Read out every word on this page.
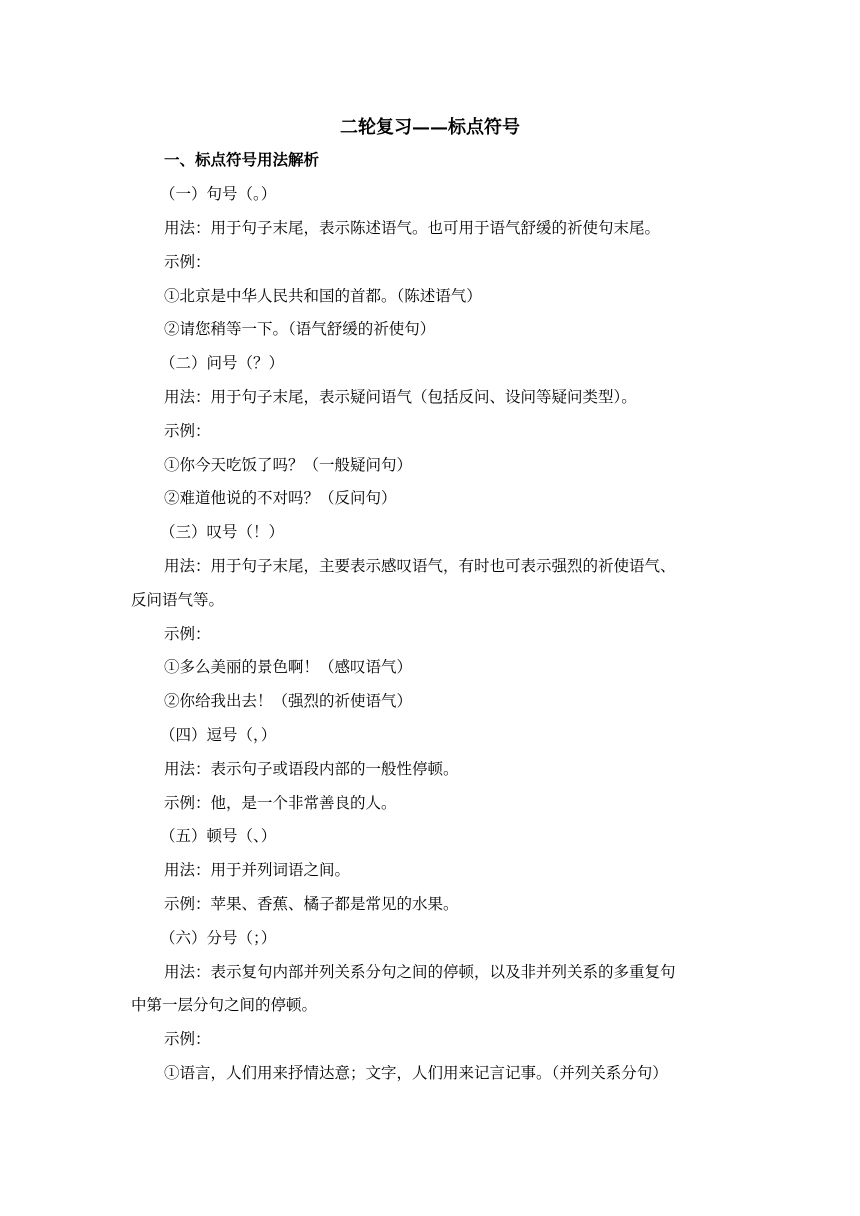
二轮复习——标点符号
一、标点符号用法解析
（一）句号（。）
用法：用于句子末尾，表示陈述语气。也可用于语气舒缓的祈使句末尾。
示例：
①北京是中华人民共和国的首都。（陈述语气）
②请您稍等一下。（语气舒缓的祈使句）
（二）问号（？）
用法：用于句子末尾，表示疑问语气（包括反问、设问等疑问类型）。
示例：
①你今天吃饭了吗？（一般疑问句）
②难道他说的不对吗？（反问句）
（三）叹号（！）
用法：用于句子末尾，主要表示感叹语气，有时也可表示强烈的祈使语气、
反问语气等。
示例：
①多么美丽的景色啊！（感叹语气）
②你给我出去！（强烈的祈使语气）
（四）逗号（，）
用法：表示句子或语段内部的一般性停顿。
示例：他，是一个非常善良的人。
（五）顿号（、）
用法：用于并列词语之间。
示例：苹果、香蕉、橘子都是常见的水果。
（六）分号（；）
用法：表示复句内部并列关系分句之间的停顿，以及非并列关系的多重复句
中第一层分句之间的停顿。
示例：
①语言，人们用来抒情达意；文字，人们用来记言记事。（并列关系分句）
